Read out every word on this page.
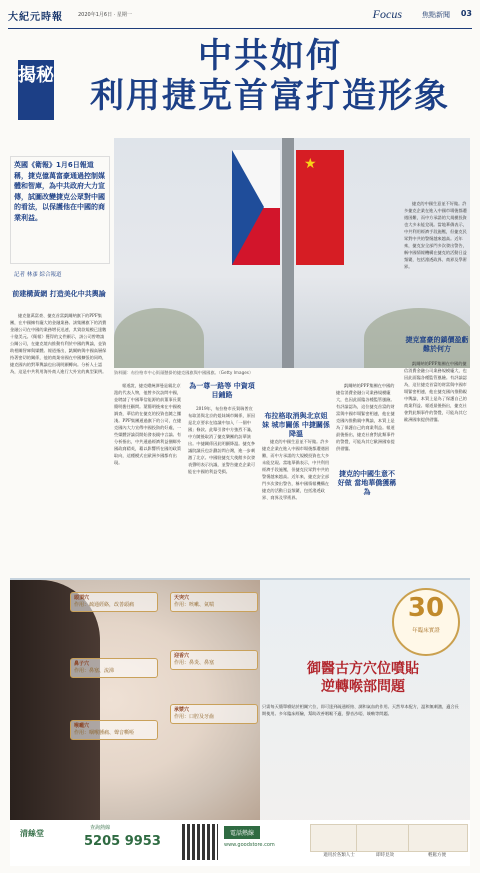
大紀元時報	2020年1月6日 · 星期一	Focus	焦點新聞 03
揭秘	中共如何
利用捷克首富打造形象
英國《衛報》1月6日報道稱，捷克億萬富豪通過控制媒體和智庫，為中共政府大力宣傳，試圖改變捷克公眾對中國的看法，以保護他在中國的商業利益。
記者 林彥 綜合報道
★
資料圖：布拉格市中心街頭懸掛的捷克國旗與中國國旗。（Getty Images）
前建構黃網 打造美化中共輿論

捷克億萬富豪、捷克首富凱爾納旗下的PPF集團，在中國擁有龐大的金融業務。該集團旗下的消費金融公司在中國的業務增長迅速，其貸款規模已達數十億美元。《衛報》獲得的文件顯示，該公司曾聘請公關公司，在捷克境內推動有利於中國的輿論，並資助相關智庫與媒體。報道指出，凱爾納與中國高層保持著密切的關係，他的商業帝國在中國擴張的同時，捷克國內的對華輿論也出現明顯轉向。分析人士認為，這是中共利用海外商人進行大外宣的典型案例。

報道說，捷克總統澤曼是親北京派的代表人物，他曾多次訪問中國，並聘請了中國華信能源的前董事長葉簡明擔任顧問。葉簡明後來在中國被調查，華信的在捷克的投資也隨之擱淺。PPF集團通過旗下的公司，在捷克國內大力宣傳中國投資的好處，一些媒體評論員開始發表親中言論。有分析指出，中共通過經濟利益捆綁外國政商精英，藉以影響所在國的政策取向，這種模式在歐洲多國都有出現。

為一尊一路等 中資項目鋪路

2019年，布拉格市長賀瑞普宣布取消與北京的姐妹城市關係，原因是北京要求在協議中加入「一個中國」條款。此舉引發中方強烈不滿，中方隨後取消了捷克樂團的訪華演出。中捷關係因此明顯降溫。捷克參議院議長也計劃訪問台灣，進一步刺激了北京。中國駐捷克大使館多次發表聲明表示抗議，並警告捷克企業可能在中國的利益受損。

布拉格取消與北京姐妹 城市關係 中捷關係降溫

捷克的中國生意並不好做。許多捷克企業在進入中國市場後都遭遇困難，而中方承諾的大規模投資也大多未能兌現。當地華僑表示，中共利用經濟手段施壓，但捷克民眾對中共的警惕越來越高。近年來，捷克安全部門多次發出警告，稱中國情報機構在捷克的活動日益頻繁，包括滲透政界、商界及學術界。

捷克的中國生意不好做 當地華僑獲稱為

凱爾納的PPF集團在中國的捷信消費金融公司業務規模龐大，也因此面臨各種監管風險。有評論認為，這位捷克首富的財富與中國市場緊密相連，他在捷克國內推動親中輿論，本質上是為了保護自己的商業利益。報道最後指出，捷克社會對此類事件的警覺，可能為其它歐洲國家提供借鑒。

捷克的中國生意並不好做。許多捷克企業在進入中國市場後都遭遇困難，而中方承諾的大規模投資也大多未能兌現。當地華僑表示，中共利用經濟手段施壓，但捷克民眾對中共的警惕越來越高。近年來，捷克安全部門多次發出警告，稱中國情報機構在捷克的活動日益頻繁，包括滲透政界、商界及學術界。

捷克富豪的鎮價盈虧 難於何方

凱爾納的PPF集團在中國的捷信消費金融公司業務規模龐大，也因此面臨各種監管風險。有評論認為，這位捷克首富的財富與中國市場緊密相連，他在捷克國內推動親中輿論，本質上是為了保護自己的商業利益。報道最後指出，捷克社會對此類事件的警覺，可能為其它歐洲國家提供借鑒。

頭頂穴
作用：疏通經絡，改善頭痛
鼻子穴
作用：鼻塞、流涕
喉嚨穴
作用：咽喉腫痛、聲音嘶啞
天突穴
作用：咳嗽、氣喘
迎香穴
作用：鼻炎、鼻塞
承漿穴
作用：口腔及牙齒
30
年臨床實證
御醫古方穴位噴貼
逆轉喉部問題
只需每天簡單噴貼於相關穴位，即可達到疏通經絡、調和氣血的作用。天然草本配方，溫和無刺激，適合長期使用。多年臨床經驗，幫助改善咽喉不適、聲音沙啞、咳嗽等問題。
清絲堂
查詢熱線
5205 9953
電話熱線
www.goodstore.com
適用於各類人士	即時見效	輕鬆方便
